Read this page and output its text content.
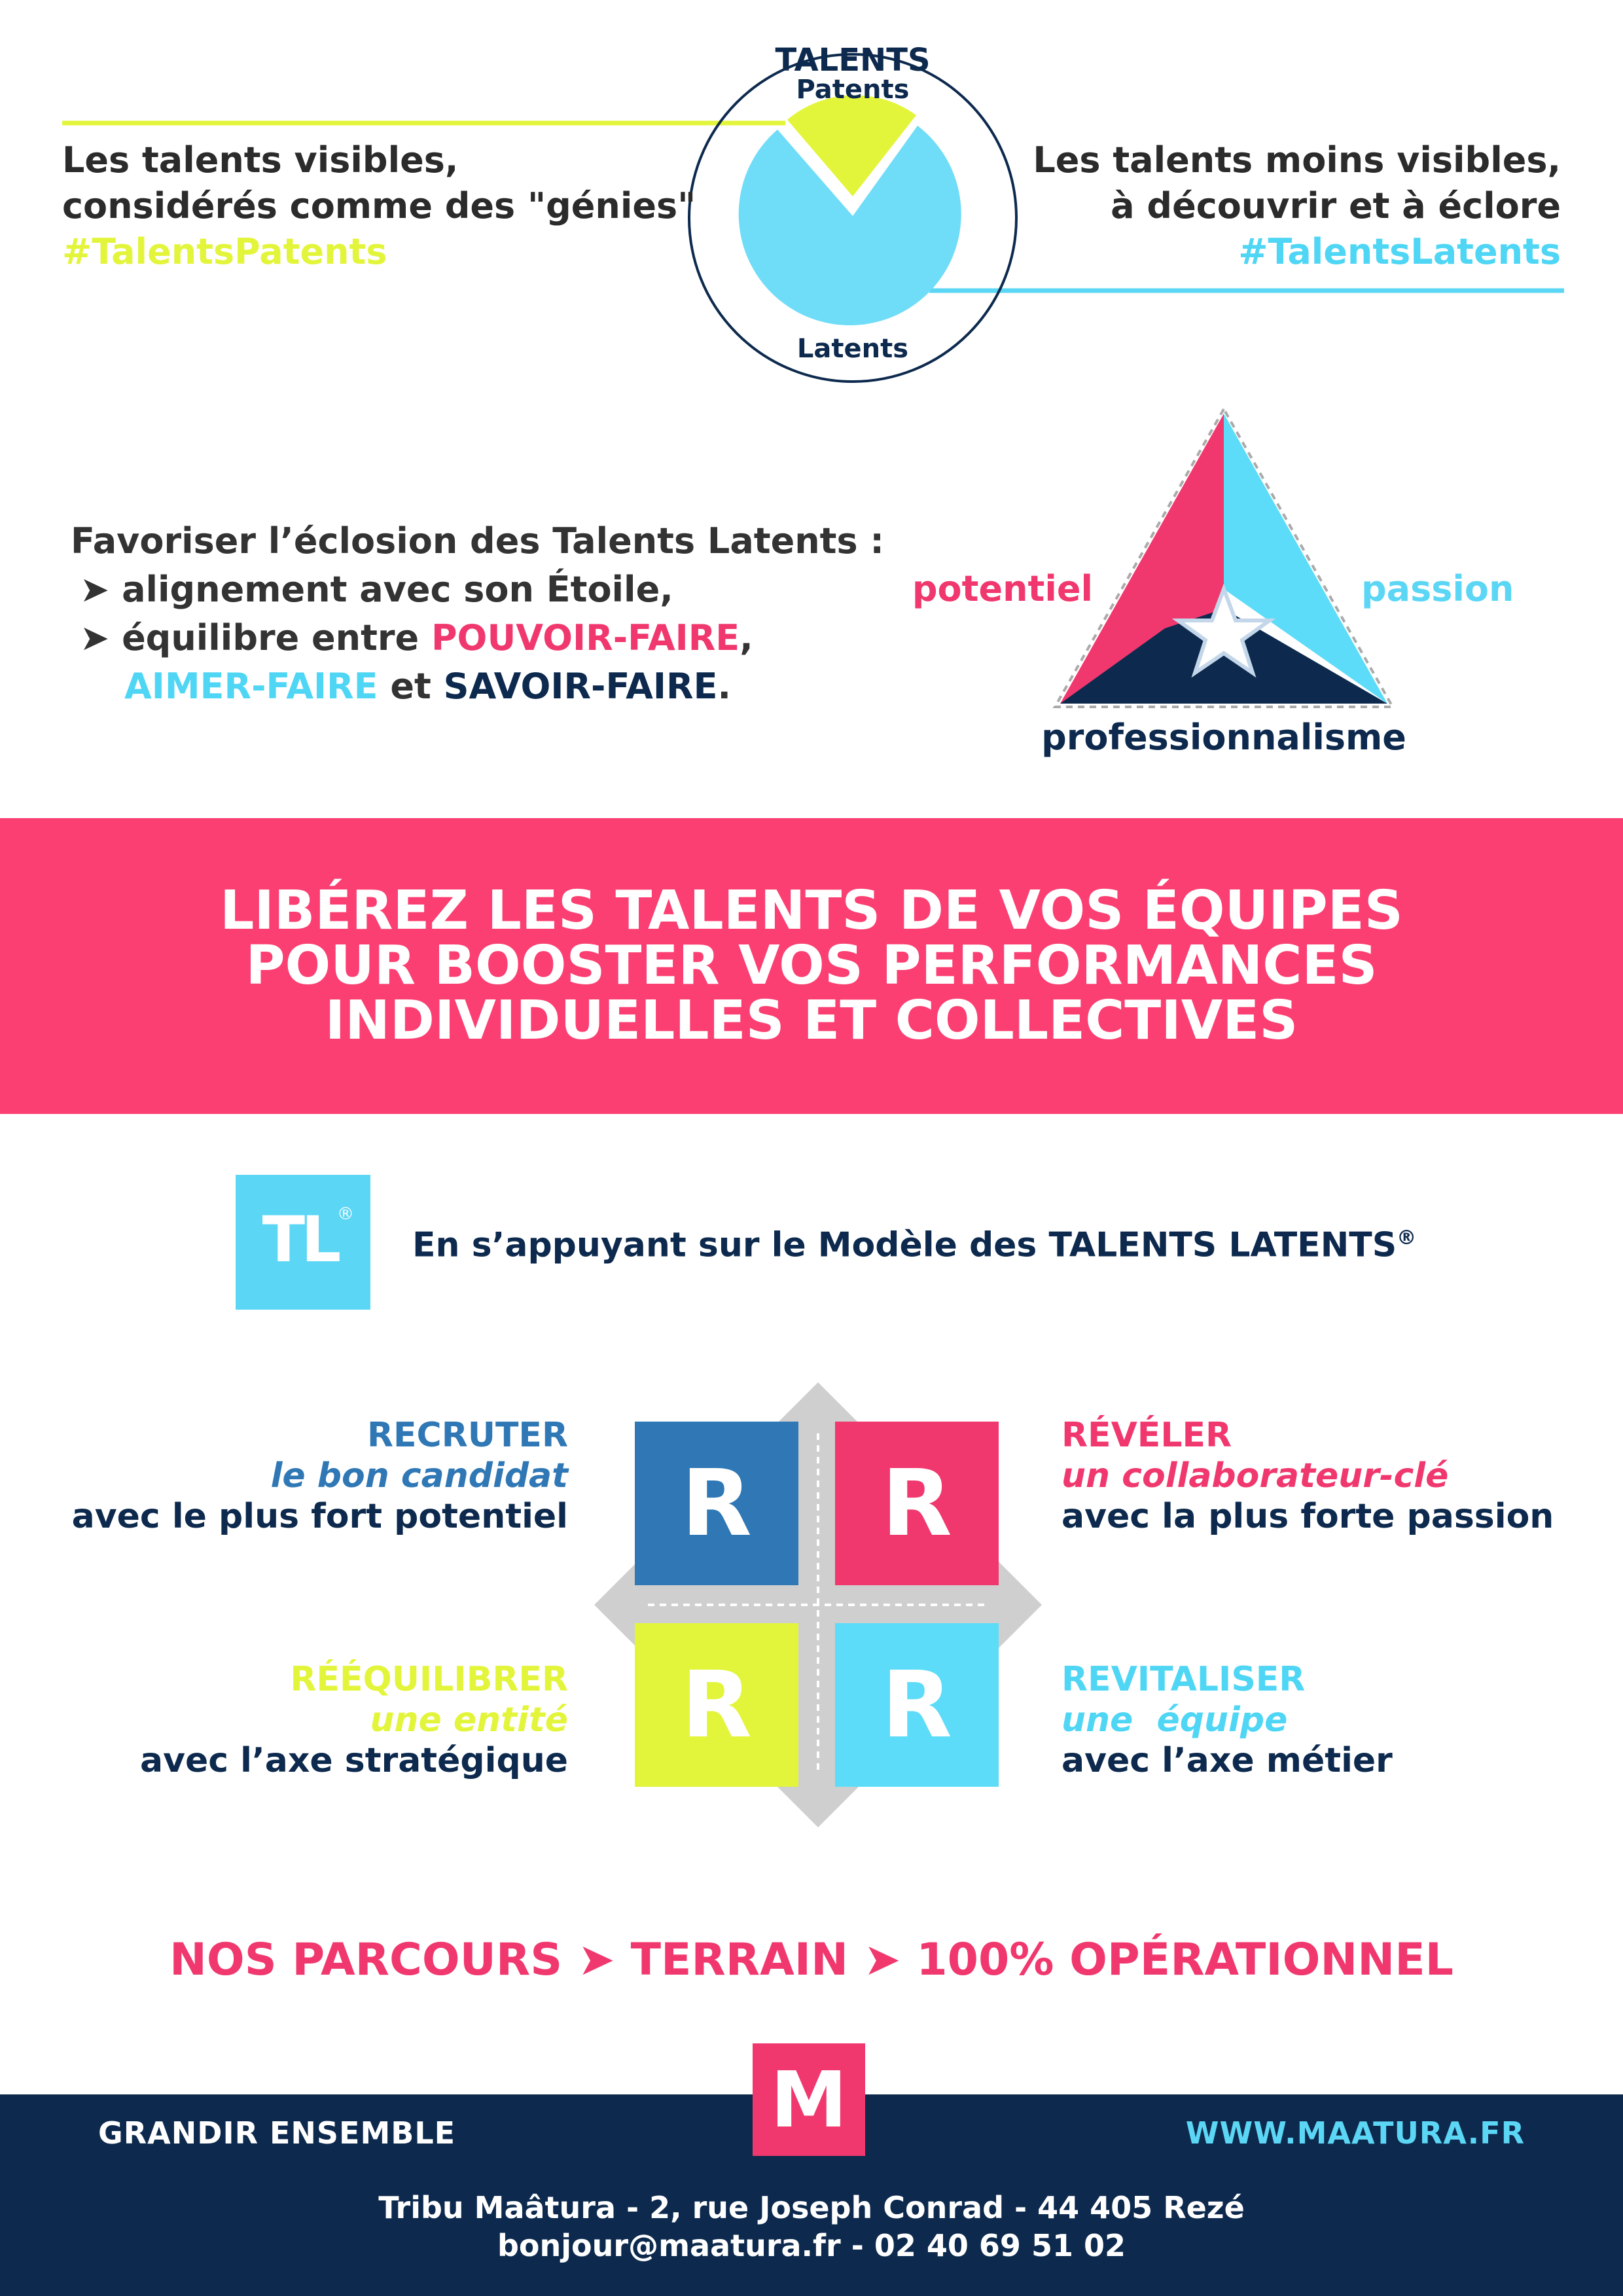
TALENTS
Patents
Latents
Les talents visibles,
considérés comme des "génies"
#TalentsPatents
Les talents moins visibles,
à découvrir et à éclore
#TalentsLatents
Favoriser l’éclosion des Talents Latents :
➤ alignement avec son Étoile,
➤ équilibre entre POUVOIR-FAIRE,
AIMER-FAIRE et SAVOIR-FAIRE.
potentiel	passion
professionnalisme
LIBÉREZ LES TALENTS DE VOS ÉQUIPES
POUR BOOSTER VOS PERFORMANCES
INDIVIDUELLES ET COLLECTIVES
TL ®
En s’appuyant sur le Modèle des TALENTS LATENTS®
R	R
R	R
RECRUTER
le bon candidat
avec le plus fort potentiel
RÉVÉLER
un collaborateur-clé
avec la plus forte passion
RÉÉQUILIBRER
une entité
avec l’axe stratégique
REVITALISER
une  équipe
avec l’axe métier
NOS PARCOURS ➤ TERRAIN ➤ 100% OPÉRATIONNEL
M
GRANDIR ENSEMBLE	WWW.MAATURA.FR
Tribu Maâtura - 2, rue Joseph Conrad - 44 405 Rezé
bonjour@maatura.fr - 02 40 69 51 02
